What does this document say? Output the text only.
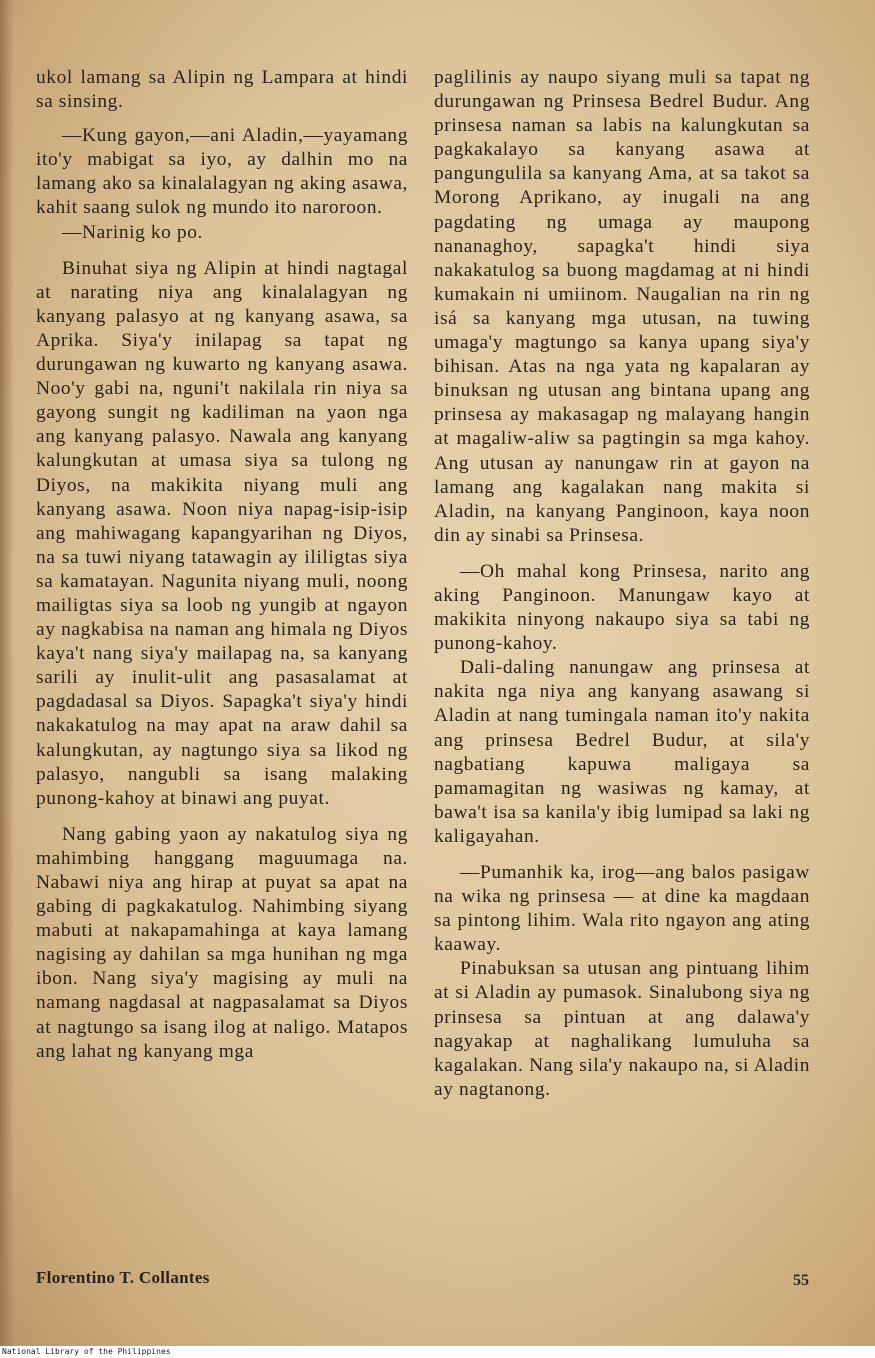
ukol lamang sa Alipin ng Lampara at hindi sa sinsing.

—Kung gayon,—ani Aladin,—yayamang ito'y mabigat sa iyo, ay dalhin mo na lamang ako sa kinalalagyan ng aking asawa, kahit saang sulok ng mundo ito naroroon.

—Narinig ko po.

Binuhat siya ng Alipin at hindi nagtagal at narating niya ang kinalalagyan ng kanyang palasyo at ng kanyang asawa, sa Aprika. Siya'y inilapag sa tapat ng durungawan ng kuwarto ng kanyang asawa. Noo'y gabi na, nguni't nakilala rin niya sa gayong sungit ng kadiliman na yaon nga ang kanyang palasyo. Nawala ang kanyang kalungkutan at umasa siya sa tulong ng Diyos, na makikita niyang muli ang kanyang asawa. Noon niya napag-isip-isip ang mahiwagang kapangyarihan ng Diyos, na sa tuwi niyang tatawagin ay ililigtas siya sa kamatayan. Nagunita niyang muli, noong mailigtas siya sa loob ng yungib at ngayon ay nagkabisa na naman ang himala ng Diyos kaya't nang siya'y mailapag na, sa kanyang sarili ay inulit-ulit ang pasasalamat at pagdadasal sa Diyos. Sapagka't siya'y hindi nakakatulog na may apat na araw dahil sa kalungkutan, ay nagtungo siya sa likod ng palasyo, nangubli sa isang malaking punong-kahoy at binawi ang puyat.

Nang gabing yaon ay nakatulog siya ng mahimbing hanggang maguumaga na. Nabawi niya ang hirap at puyat sa apat na gabing di pagkakatulog. Nahimbing siyang mabuti at nakapamahinga at kaya lamang nagising ay dahilan sa mga hunihan ng mga ibon. Nang siya'y magising ay muli na namang nagdasal at nagpasalamat sa Diyos at nagtungo sa isang ilog at naligo. Matapos ang lahat ng kanyang mga

paglilinis ay naupo siyang muli sa tapat ng durungawan ng Prinsesa Bedrel Budur. Ang prinsesa naman sa labis na kalungkutan sa pagkakalayo sa kanyang asawa at pangungulila sa kanyang Ama, at sa takot sa Morong Aprikano, ay inugali na ang pagdating ng umaga ay maupong nananaghoy, sapagka't hindi siya nakakatulog sa buong magdamag at ni hindi kumakain ni umiinom. Naugalian na rin ng isá sa kanyang mga utusan, na tuwing umaga'y magtungo sa kanya upang siya'y bihisan. Atas na nga yata ng kapalaran ay binuksan ng utusan ang bintana upang ang prinsesa ay makasagap ng malayang hangin at magaliw-aliw sa pagtingin sa mga kahoy. Ang utusan ay nanungaw rin at gayon na lamang ang kagalakan nang makita si Aladin, na kanyang Panginoon, kaya noon din ay sinabi sa Prinsesa.

—Oh mahal kong Prinsesa, narito ang aking Panginoon. Manungaw kayo at makikita ninyong nakaupo siya sa tabi ng punong-kahoy.

Dali-daling nanungaw ang prinsesa at nakita nga niya ang kanyang asawang si Aladin at nang tumingala naman ito'y nakita ang prinsesa Bedrel Budur, at sila'y nagbatiang kapuwa maligaya sa pamamagitan ng wasiwas ng kamay, at bawa't isa sa kanila'y ibig lumipad sa laki ng kaligayahan.

—Pumanhik ka, irog—ang balos pasigaw na wika ng prinsesa — at dine ka magdaan sa pintong lihim. Wala rito ngayon ang ating kaaway.

Pinabuksan sa utusan ang pintuang lihim at si Aladin ay pumasok. Sinalubong siya ng prinsesa sa pintuan at ang dalawa'y nagyakap at naghalikang lumuluha sa kagalakan. Nang sila'y nakaupo na, si Aladin ay nagtanong.

Florentino T. Collantes	55
National Library of the Philippines
